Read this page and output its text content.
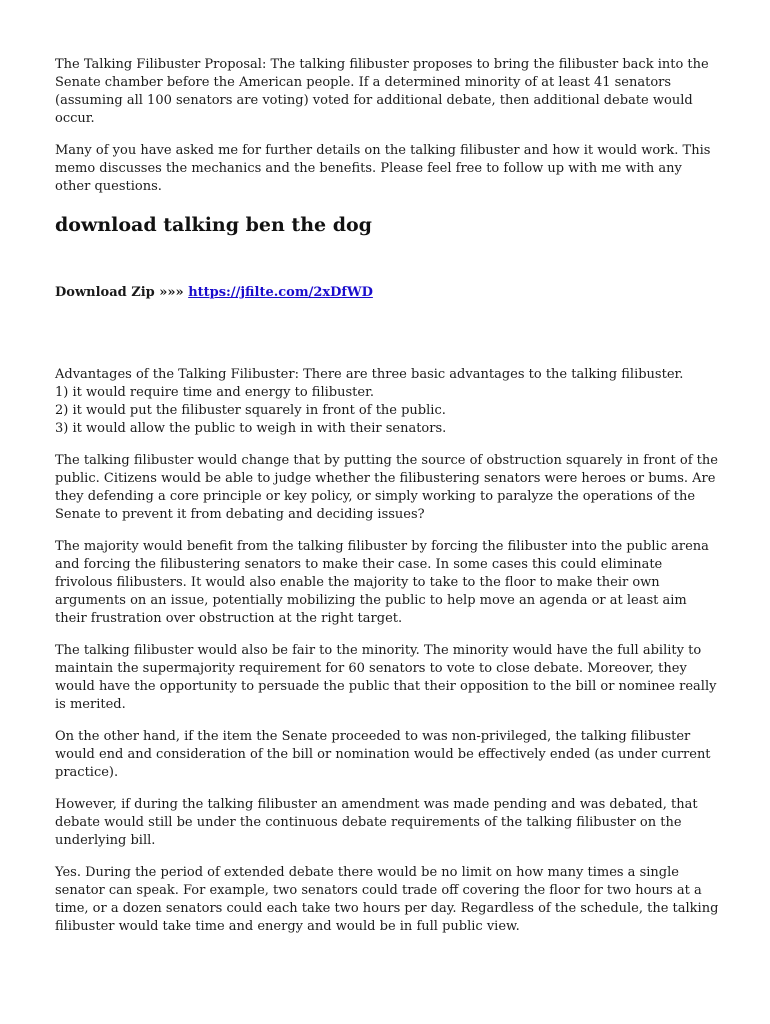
The Talking Filibuster Proposal: The talking filibuster proposes to bring the filibuster back into the Senate chamber before the American people. If a determined minority of at least 41 senators (assuming all 100 senators are voting) voted for additional debate, then additional debate would occur.

Many of you have asked me for further details on the talking filibuster and how it would work. This memo discusses the mechanics and the benefits. Please feel free to follow up with me with any other questions.

download talking ben the dog

Download Zip »»» https://jfilte.com/2xDfWD

Advantages of the Talking Filibuster: There are three basic advantages to the talking filibuster.
1) it would require time and energy to filibuster.
2) it would put the filibuster squarely in front of the public.
3) it would allow the public to weigh in with their senators.

The talking filibuster would change that by putting the source of obstruction squarely in front of the public. Citizens would be able to judge whether the filibustering senators were heroes or bums. Are they defending a core principle or key policy, or simply working to paralyze the operations of the Senate to prevent it from debating and deciding issues?

The majority would benefit from the talking filibuster by forcing the filibuster into the public arena and forcing the filibustering senators to make their case. In some cases this could eliminate frivolous filibusters. It would also enable the majority to take to the floor to make their own arguments on an issue, potentially mobilizing the public to help move an agenda or at least aim their frustration over obstruction at the right target.

The talking filibuster would also be fair to the minority. The minority would have the full ability to maintain the supermajority requirement for 60 senators to vote to close debate. Moreover, they would have the opportunity to persuade the public that their opposition to the bill or nominee really is merited.

On the other hand, if the item the Senate proceeded to was non-privileged, the talking filibuster would end and consideration of the bill or nomination would be effectively ended (as under current practice).

However, if during the talking filibuster an amendment was made pending and was debated, that debate would still be under the continuous debate requirements of the talking filibuster on the underlying bill.

Yes. During the period of extended debate there would be no limit on how many times a single senator can speak. For example, two senators could trade off covering the floor for two hours at a time, or a dozen senators could each take two hours per day. Regardless of the schedule, the talking filibuster would take time and energy and would be in full public view.
